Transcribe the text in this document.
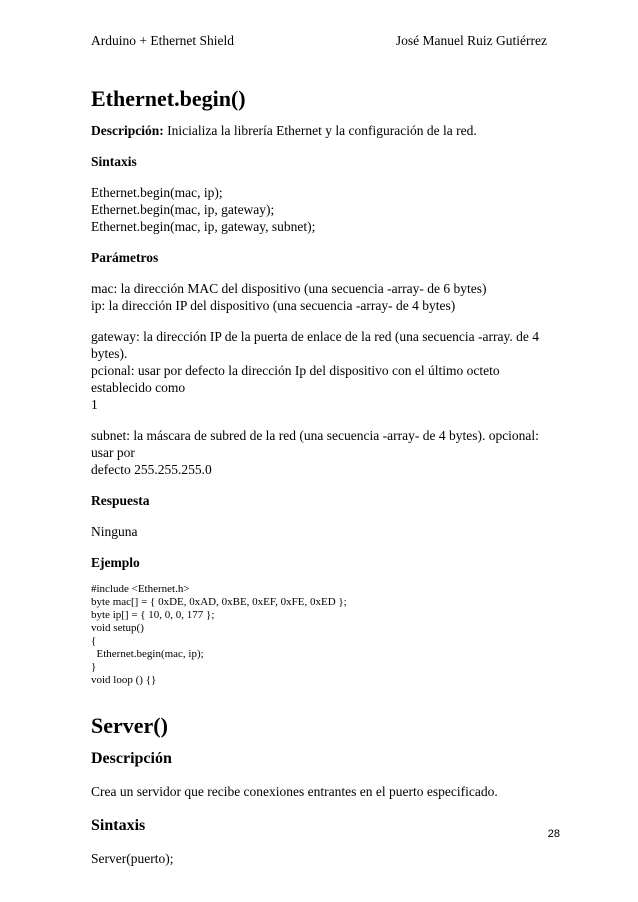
Arduino + Ethernet Shield	José Manuel Ruiz Gutiérrez
Ethernet.begin()

Descripción: Inicializa la librería Ethernet y la configuración de la red.

Sintaxis

Ethernet.begin(mac, ip);

Ethernet.begin(mac, ip, gateway);

Ethernet.begin(mac, ip, gateway, subnet);

Parámetros

mac: la dirección MAC del dispositivo (una secuencia -array- de 6 bytes)

ip: la dirección IP del dispositivo (una secuencia -array- de 4 bytes)

gateway: la dirección IP de la puerta de enlace de la red (una secuencia -array. de 4 bytes).

pcional: usar por defecto la dirección Ip del dispositivo con el último octeto establecido como

1

subnet: la máscara de subred de la red (una secuencia -array- de 4 bytes). opcional: usar por

defecto 255.255.255.0

Respuesta

Ninguna

Ejemplo

#include <Ethernet.h>

byte mac[] = { 0xDE, 0xAD, 0xBE, 0xEF, 0xFE, 0xED };

byte ip[] = { 10, 0, 0, 177 };

void setup()

{

Ethernet.begin(mac, ip);

}

void loop () {}

Server()

Descripción

Crea un servidor que recibe conexiones entrantes en el puerto especificado.

Sintaxis

Server(puerto);

28
